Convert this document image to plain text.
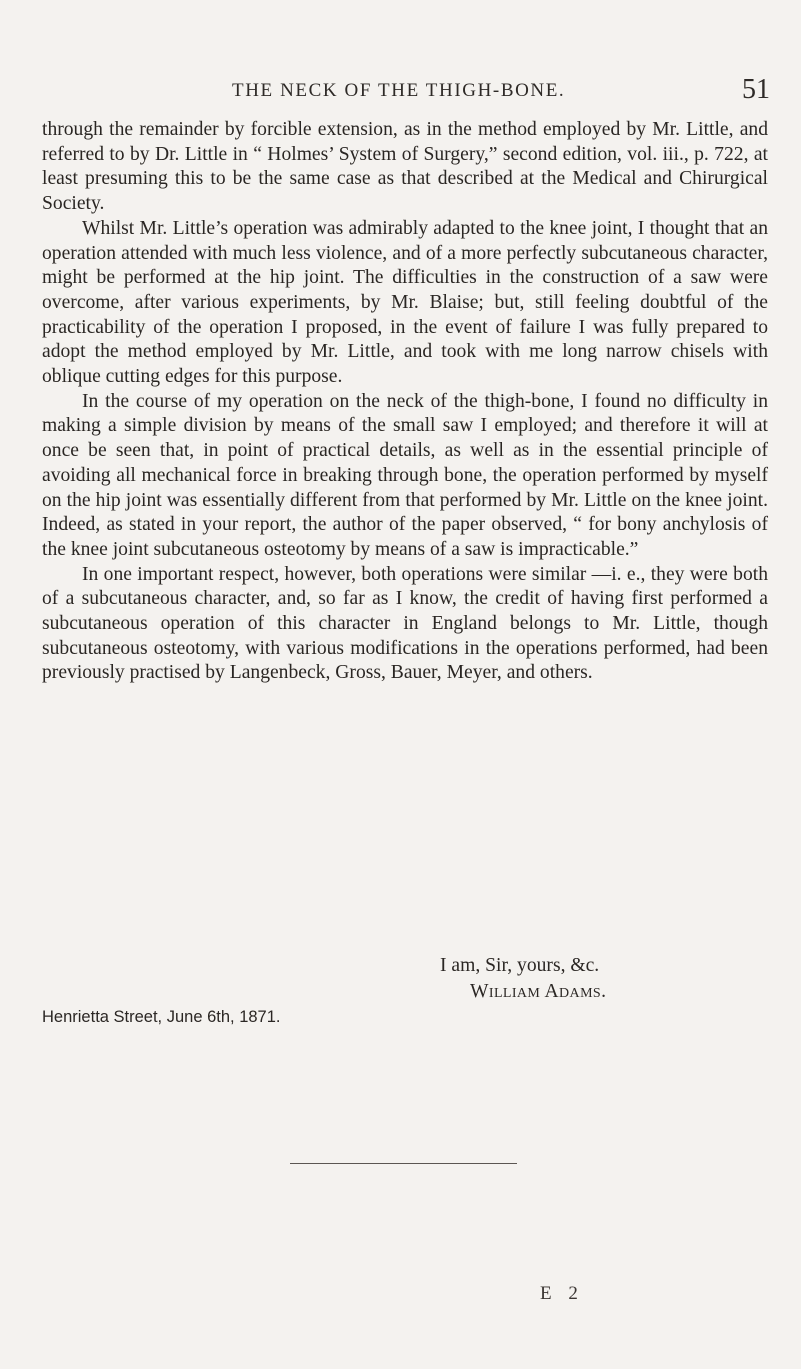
THE NECK OF THE THIGH-BONE.	51

through the remainder by forcible extension, as in the method employed by Mr. Little, and referred to by Dr. Little in “ Holmes’ System of Surgery,” second edition, vol. iii., p. 722, at least presuming this to be the same case as that described at the Medical and Chirurgical Society.

Whilst Mr. Little’s operation was admirably adapted to the knee joint, I thought that an operation attended with much less violence, and of a more perfectly subcutaneous character, might be performed at the hip joint. The difficulties in the construction of a saw were overcome, after various experiments, by Mr. Blaise; but, still feeling doubtful of the practicability of the operation I proposed, in the event of failure I was fully prepared to adopt the method employed by Mr. Little, and took with me long narrow chisels with oblique cutting edges for this purpose.

In the course of my operation on the neck of the thigh-bone, I found no difficulty in making a simple division by means of the small saw I employed; and therefore it will at once be seen that, in point of practical details, as well as in the essential principle of avoiding all mechanical force in breaking through bone, the operation performed by myself on the hip joint was essentially different from that performed by Mr. Little on the knee joint. Indeed, as stated in your report, the author of the paper observed, “ for bony anchylosis of the knee joint subcutaneous osteotomy by means of a saw is impracticable.”

In one important respect, however, both operations were similar —i. e., they were both of a subcutaneous character, and, so far as I know, the credit of having first performed a subcutaneous operation of this character in England belongs to Mr. Little, though subcutaneous osteotomy, with various modifications in the operations performed, had been previously practised by Langenbeck, Gross, Bauer, Meyer, and others.

I am, Sir, yours, &c.
William Adams.
Henrietta Street, June 6th, 1871.
E 2
